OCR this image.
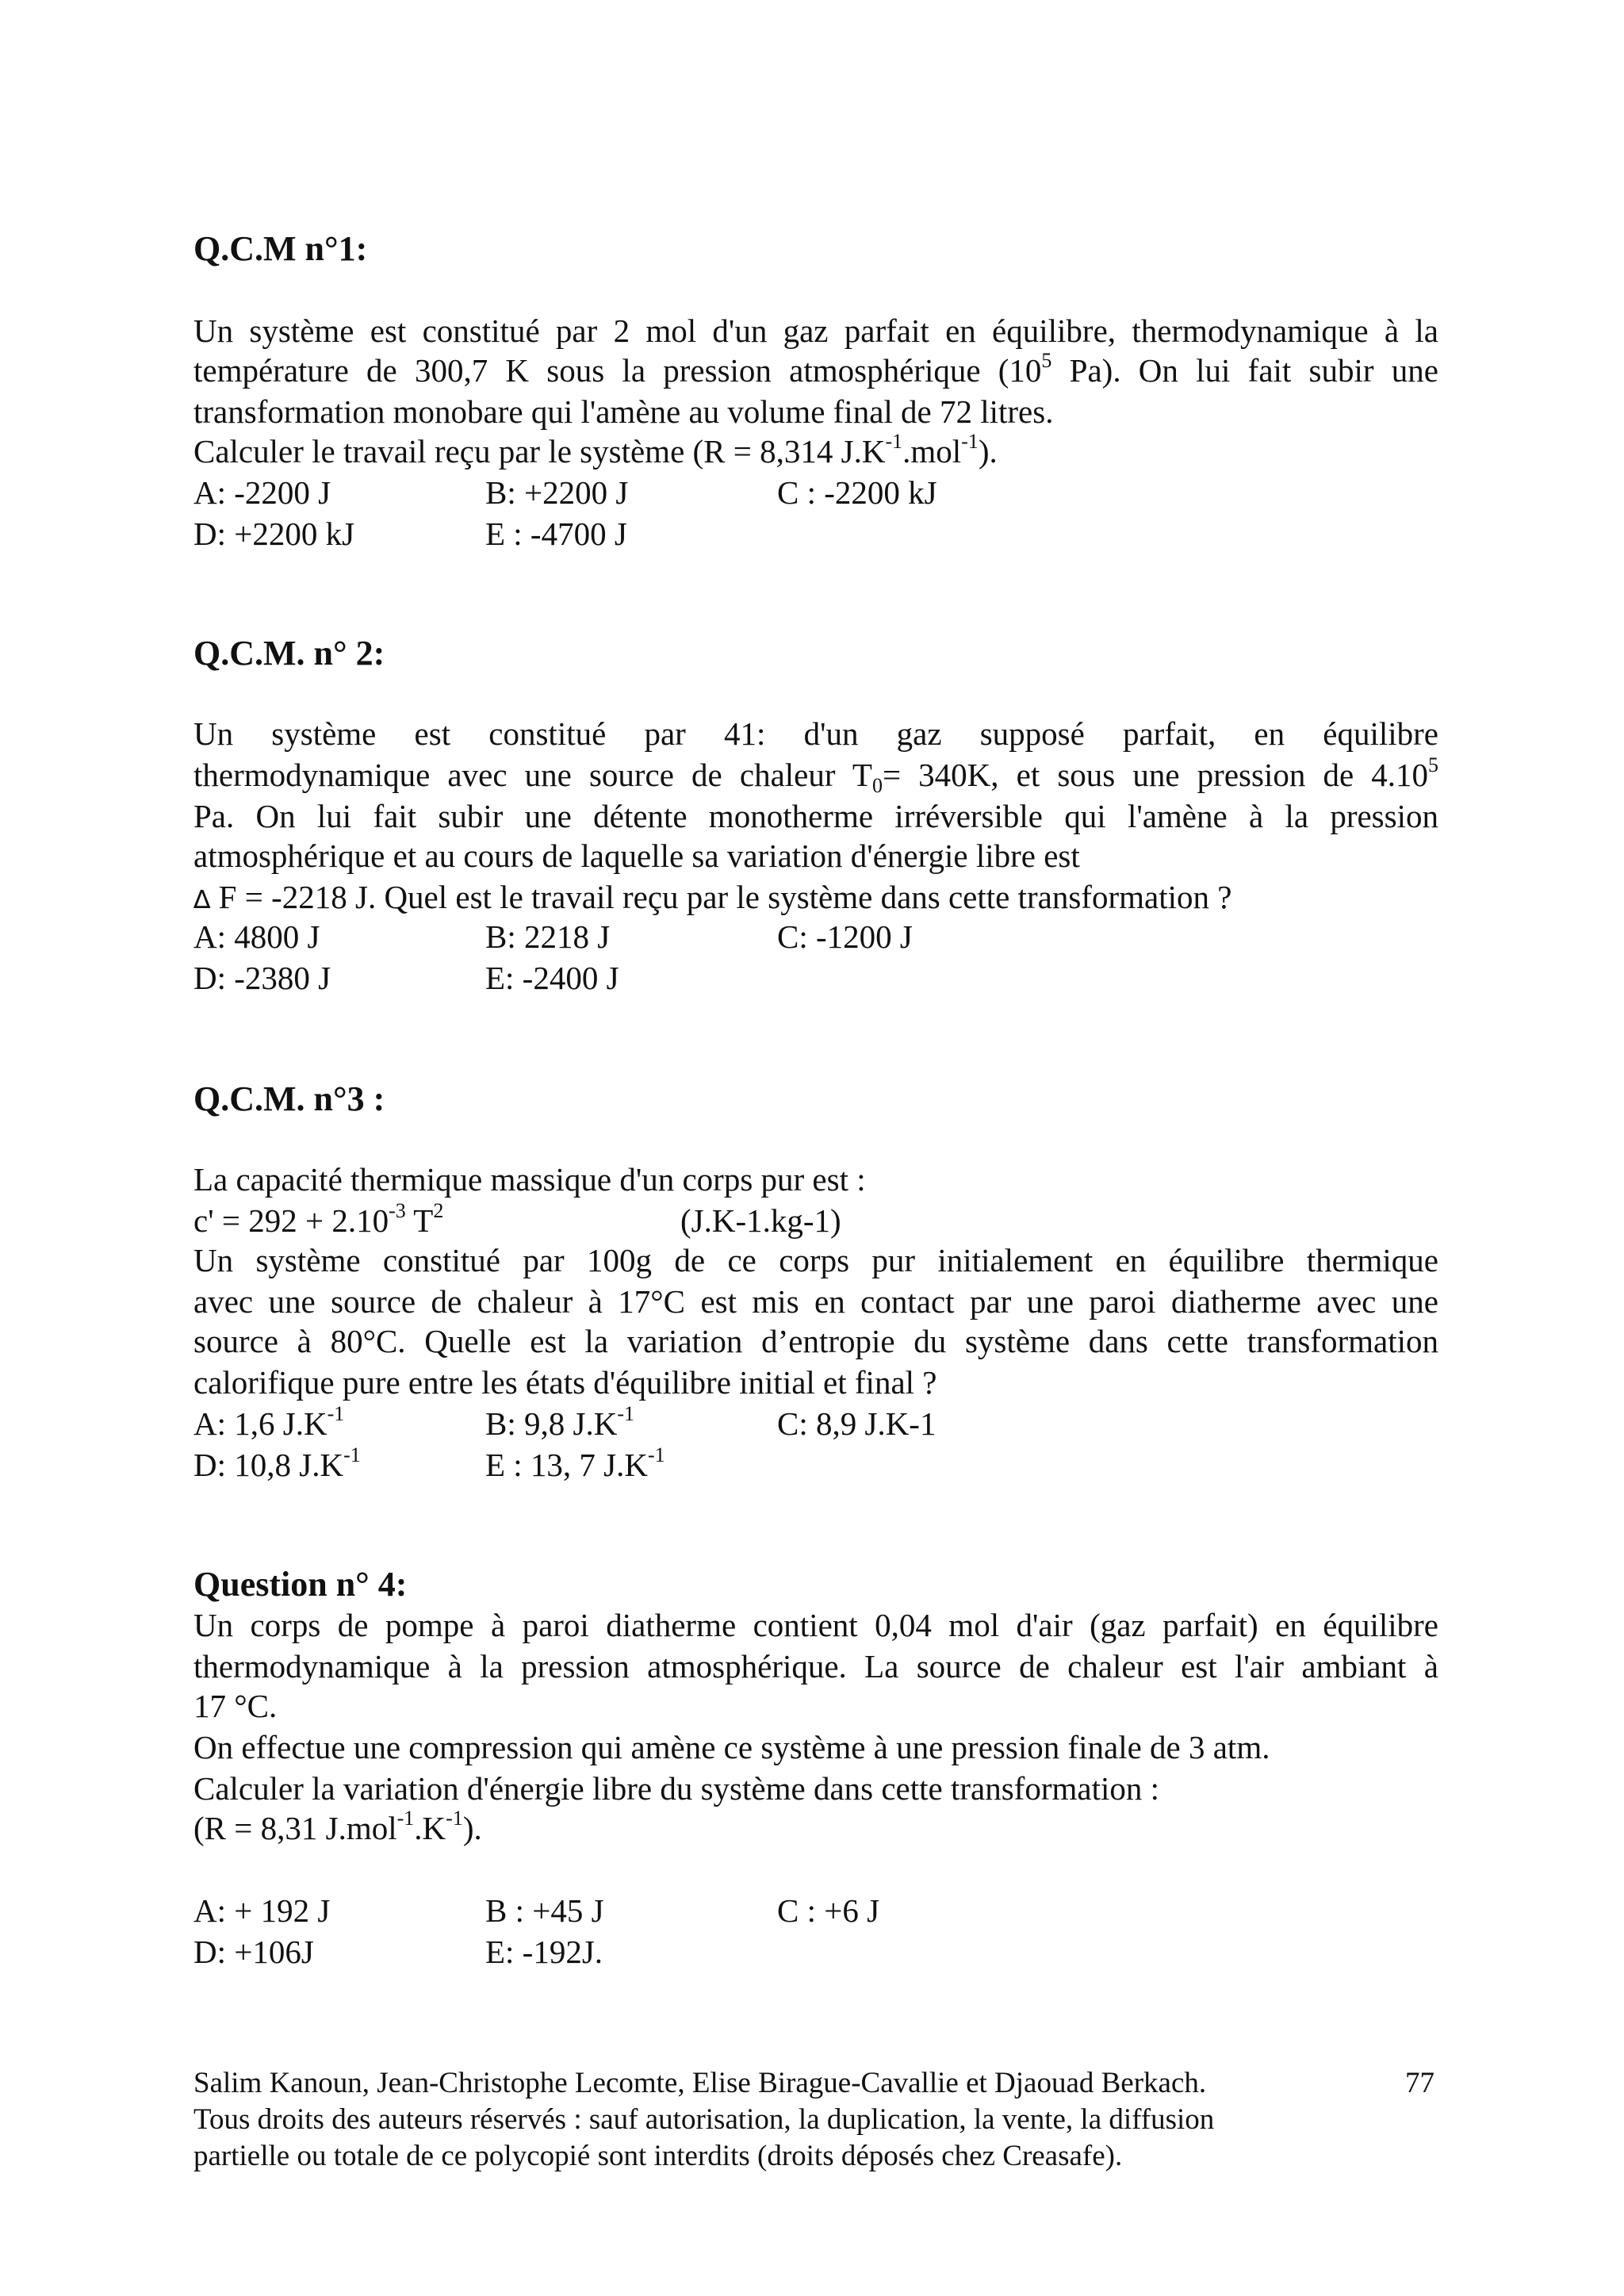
Q.C.M n°1:
Un système est constitué par 2 mol d'un gaz parfait en équilibre, thermodynamique à la
température de 300,7 K sous la pression atmosphérique ($10^5$ Pa). On lui fait subir une
transformation monobare qui l'amène au volume final de 72 litres.
Calculer le travail reçu par le système (R = 8,314 $J.K^{-1}.mol^{-1}$).
A: -2200 J	B: +2200 J	C : -2200 kJ
D: +2200 kJ	E : -4700 J
Q.C.M. n° 2:
Un système est constitué par 41: d'un gaz supposé parfait, en équilibre
thermodynamique avec une source de chaleur $T_0= 340K$, et sous une pression de 4.10$^5$
Pa. On lui fait subir une détente monotherme irréversible qui l'amène à la pression
atmosphérique et au cours de laquelle sa variation d'énergie libre est
∆ F = -2218 J. Quel est le travail reçu par le système dans cette transformation ?
A: 4800 J	B: 2218 J	C: -1200 J
D: -2380 J	E: -2400 J
Q.C.M. n°3 :
La capacité thermique massique d'un corps pur est :
$c' = 292 + 2.10^{-3}$ $T^2$	(J.K-1.kg-1)
Un système constitué par 100g de ce corps pur initialement en équilibre thermique
avec une source de chaleur à 17°C est mis en contact par une paroi diatherme avec une
source à 80°C. Quelle est la variation d’entropie du système dans cette transformation
calorifique pure entre les états d'équilibre initial et final ?
A: 1,6 $J.K^{-1}$	B: 9,8 $J.K^{-1}$	C: 8,9 J.K-1
D: 10,8 $J.K^{-1}$	E : 13, 7 $J.K^{-1}$
Question n° 4:
Un corps de pompe à paroi diatherme contient 0,04 mol d'air (gaz parfait) en équilibre
thermodynamique à la pression atmosphérique. La source de chaleur est l'air ambiant à
17 °C.
On effectue une compression qui amène ce système à une pression finale de 3 atm.
Calculer la variation d'énergie libre du système dans cette transformation :
(R = 8,31 $J.mol^{-1}.K^{-1}$).
A: + 192 J	B : +45 J	C : +6 J
D: +106J	E: -192J.
Salim Kanoun, Jean-Christophe Lecomte, Elise Birague-Cavallie et Djaouad Berkach.	77
Tous droits des auteurs réservés : sauf autorisation, la duplication, la vente, la diffusion
partielle ou totale de ce polycopié sont interdits (droits déposés chez Creasafe).
